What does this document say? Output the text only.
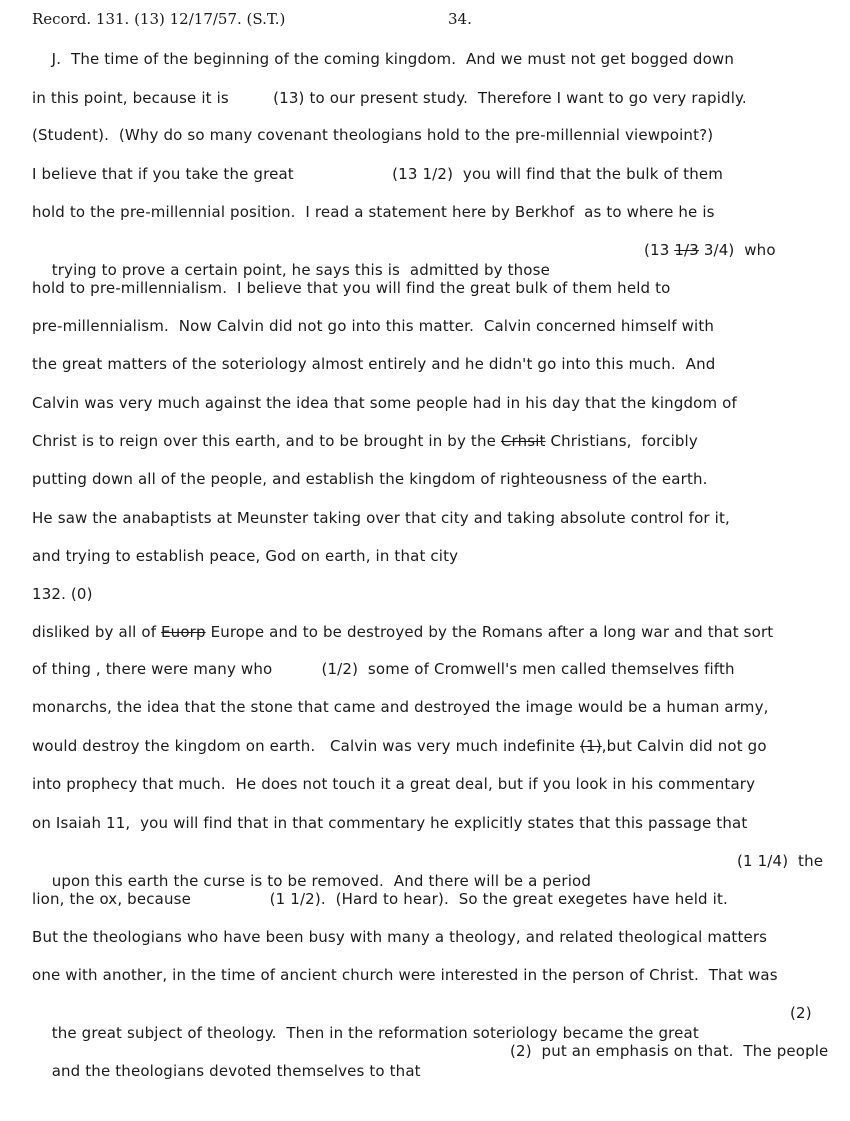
Record. 131. (13) 12/17/57. (S.T.)	34.
J.  The time of the beginning of the coming kingdom.  And we must not get bogged down
in this point, because it is         (13) to our present study.  Therefore I want to go very rapidly.
(Student).  (Why do so many covenant theologians hold to the pre-millennial viewpoint?)
I believe that if you take the great                    (13 1/2)  you will find that the bulk of them
hold to the pre-millennial position.  I read a statement here by Berkhof  as to where he is

trying to prove a certain point, he says this is  admitted by those

(13 1/3 3/4)  who

hold to pre-millennialism.  I believe that you will find the great bulk of them held to
pre-millennialism.  Now Calvin did not go into this matter.  Calvin concerned himself with
the great matters of the soteriology almost entirely and he didn't go into this much.  And
Calvin was very much against the idea that some people had in his day that the kingdom of
Christ is to reign over this earth, and to be brought in by the Crhsit Christians,  forcibly
putting down all of the people, and establish the kingdom of righteousness of the earth.
He saw the anabaptists at Meunster taking over that city and taking absolute control for it,
and trying to establish peace, God on earth, in that city
132. (0)
disliked by all of Euorp Europe and to be destroyed by the Romans after a long war and that sort
of thing , there were many who          (1/2)  some of Cromwell's men called themselves fifth
monarchs, the idea that the stone that came and destroyed the image would be a human army,
would destroy the kingdom on earth.   Calvin was very much indefinite (1),but Calvin did not go
into prophecy that much.  He does not touch it a great deal, but if you look in his commentary
on Isaiah 11,  you will find that in that commentary he explicitly states that this passage that

upon this earth the curse is to be removed.  And there will be a period

(1 1/4)  the

lion, the ox, because                (1 1/2).  (Hard to hear).  So the great exegetes have held it.
But the theologians who have been busy with many a theology, and related theological matters
one with another, in the time of ancient church were interested in the person of Christ.  That was

the great subject of theology.  Then in the reformation soteriology became the great

(2)

and the theologians devoted themselves to that

(2)  put an emphasis on that.  The people
